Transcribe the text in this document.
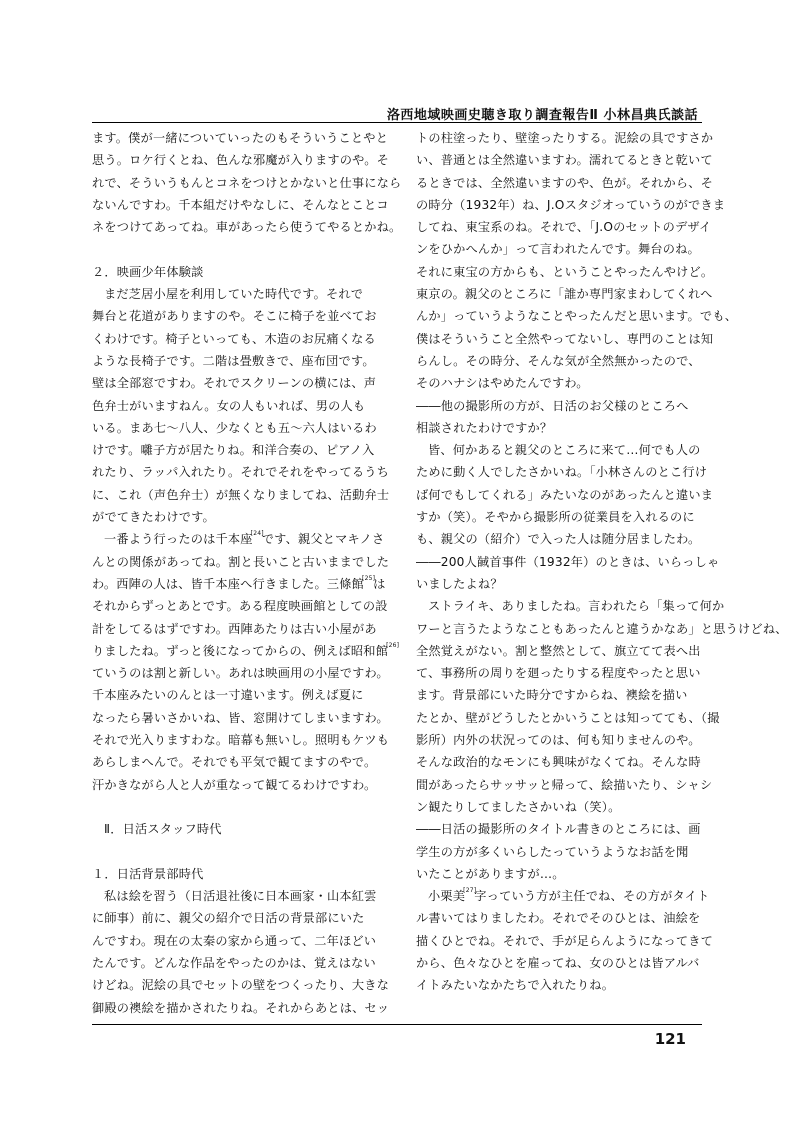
洛西地域映画史聴き取り調査報告Ⅱ 小林昌典氏談話
ます。僕が一緒についていったのもそういうことやと
思う。ロケ行くとね、色んな邪魔が入りますのや。そ
れで、そういうもんとコネをつけとかないと仕事になら
ないんですわ。千本組だけやなしに、そんなとことコ
ネをつけてあってね。車があったら使うてやるとかね。
２．映画少年体験談
まだ芝居小屋を利用していた時代です。それで
舞台と花道がありますのや。そこに椅子を並べてお
くわけです。椅子といっても、木造のお尻痛くなる
ような長椅子です。二階は畳敷きで、座布団です。
壁は全部窓ですわ。それでスクリーンの横には、声
色弁士がいますねん。女の人もいれば、男の人も
いる。まあ七～八人、少なくとも五～六人はいるわ
けです。囃子方が居たりね。和洋合奏の、ピアノ入
れたり、ラッパ入れたり。それでそれをやってるうち
に、これ（声色弁士）が無くなりましてね、活動弁士
がでてきたわけです。
一番よう行ったのは千本座[24]です、親父とマキノさ
んとの関係があってね。割と長いこと古いままでした
わ。西陣の人は、皆千本座へ行きました。三條館[25]は
それからずっとあとです。ある程度映画館としての設
計をしてるはずですわ。西陣あたりは古い小屋があ
りましたね。ずっと後になってからの、例えば昭和館[26]
ていうのは割と新しい。あれは映画用の小屋ですわ。
千本座みたいのんとは一寸違います。例えば夏に
なったら暑いさかいね、皆、窓開けてしまいますわ。
それで光入りますわな。暗幕も無いし。照明もケツも
あらしまへんで。それでも平気で観てますのやで。
汗かきながら人と人が重なって観てるわけですわ。
Ⅱ．日活スタッフ時代
１．日活背景部時代
私は絵を習う（日活退社後に日本画家・山本紅雲
に師事）前に、親父の紹介で日活の背景部にいた
んですわ。現在の太秦の家から通って、二年ほどい
たんです。どんな作品をやったのかは、覚えはない
けどね。泥絵の具でセットの壁をつくったり、大きな
御殿の襖絵を描かされたりね。それからあとは、セッ
トの柱塗ったり、壁塗ったりする。泥絵の具ですさか
い、普通とは全然違いますわ。濡れてるときと乾いて
るときでは、全然違いますのや、色が。それから、そ
の時分（1932年）ね、J.Oスタジオっていうのができま
してね、東宝系のね。それで、「J.Oのセットのデザイ
ンをひかへんか」って言われたんです。舞台のね。
それに東宝の方からも、ということやったんやけど。
東京の。親父のところに「誰か専門家まわしてくれへ
んか」っていうようなことやったんだと思います。でも、
僕はそういうこと全然やってないし、専門のことは知
らんし。その時分、そんな気が全然無かったので、
そのハナシはやめたんですわ。
――他の撮影所の方が、日活のお父様のところへ
相談されたわけですか？
皆、何かあると親父のところに来て…何でも人の
ために動く人でしたさかいね。「小林さんのとこ行け
ば何でもしてくれる」みたいなのがあったんと違いま
すか（笑）。そやから撮影所の従業員を入れるのに
も、親父の（紹介）で入った人は随分居ましたわ。
――200人馘首事件（1932年）のときは、いらっしゃ
いましたよね？
ストライキ、ありましたね。言われたら「集って何か
ワーと言うたようなこともあったんと違うかなあ」と思うけどね、
全然覚えがない。割と整然として、旗立てて表へ出
て、事務所の周りを廻ったりする程度やったと思い
ます。背景部にいた時分ですからね、襖絵を描い
たとか、壁がどうしたとかいうことは知ってても、（撮
影所）内外の状況ってのは、何も知りませんのや。
そんな政治的なモンにも興味がなくてね。そんな時
間があったらサッサッと帰って、絵描いたり、シャシ
ン観たりしてましたさかいね（笑）。
――日活の撮影所のタイトル書きのところには、画
学生の方が多くいらしたっていうようなお話を聞
いたことがありますが…。
小栗美[27]字っていう方が主任でね、その方がタイト
ル書いてはりましたわ。それでそのひとは、油絵を
描くひとでね。それで、手が足らんようになってきて
から、色々なひとを雇ってね、女のひとは皆アルバ
イトみたいなかたちで入れたりね。
121
